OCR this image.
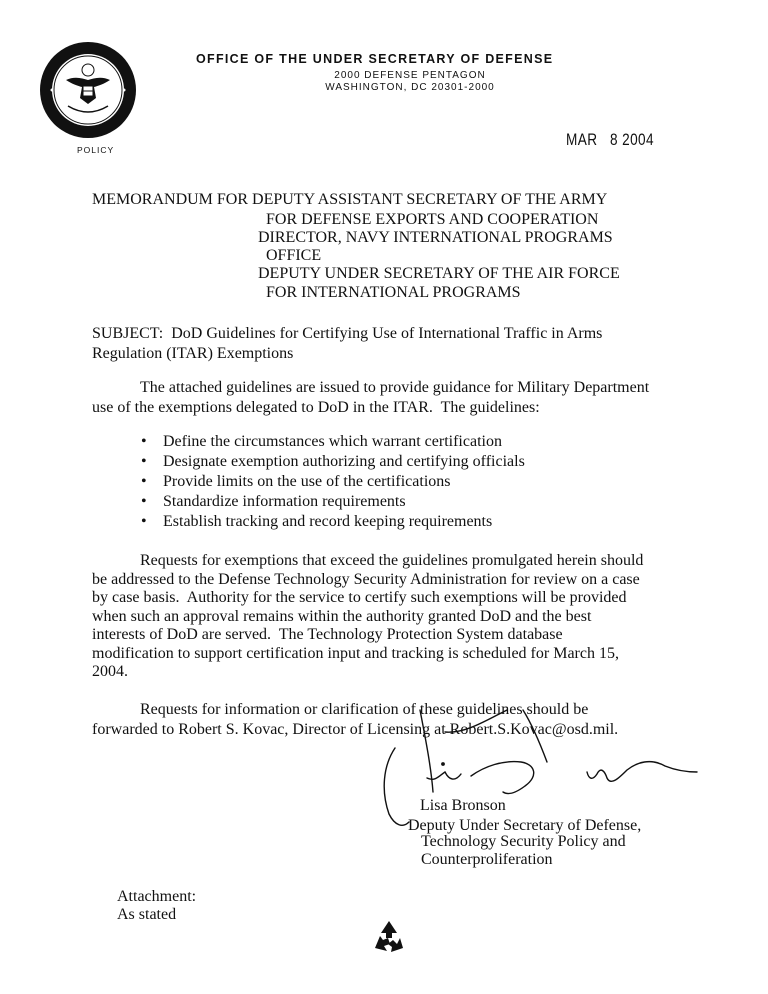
OFFICE OF THE UNDER SECRETARY OF DEFENSE
2000 DEFENSE PENTAGON
WASHINGTON, DC 20301-2000
POLICY
MAR   8 2004
MEMORANDUM FOR DEPUTY ASSISTANT SECRETARY OF THE ARMY
FOR DEFENSE EXPORTS AND COOPERATION
DIRECTOR, NAVY INTERNATIONAL PROGRAMS
OFFICE
DEPUTY UNDER SECRETARY OF THE AIR FORCE
FOR INTERNATIONAL PROGRAMS
SUBJECT:  DoD Guidelines for Certifying Use of International Traffic in Arms
Regulation (ITAR) Exemptions
The attached guidelines are issued to provide guidance for Military Department
use of the exemptions delegated to DoD in the ITAR.  The guidelines:
• Define the circumstances which warrant certification
• Designate exemption authorizing and certifying officials
• Provide limits on the use of the certifications
• Standardize information requirements
• Establish tracking and record keeping requirements
Requests for exemptions that exceed the guidelines promulgated herein should
be addressed to the Defense Technology Security Administration for review on a case
by case basis.  Authority for the service to certify such exemptions will be provided
when such an approval remains within the authority granted DoD and the best
interests of DoD are served.  The Technology Protection System database
modification to support certification input and tracking is scheduled for March 15,
2004.
Requests for information or clarification of these guidelines should be
forwarded to Robert S. Kovac, Director of Licensing at Robert.S.Kovac@osd.mil.
Lisa Bronson
Deputy Under Secretary of Defense,
Technology Security Policy and
Counterproliferation
Attachment:
As stated
